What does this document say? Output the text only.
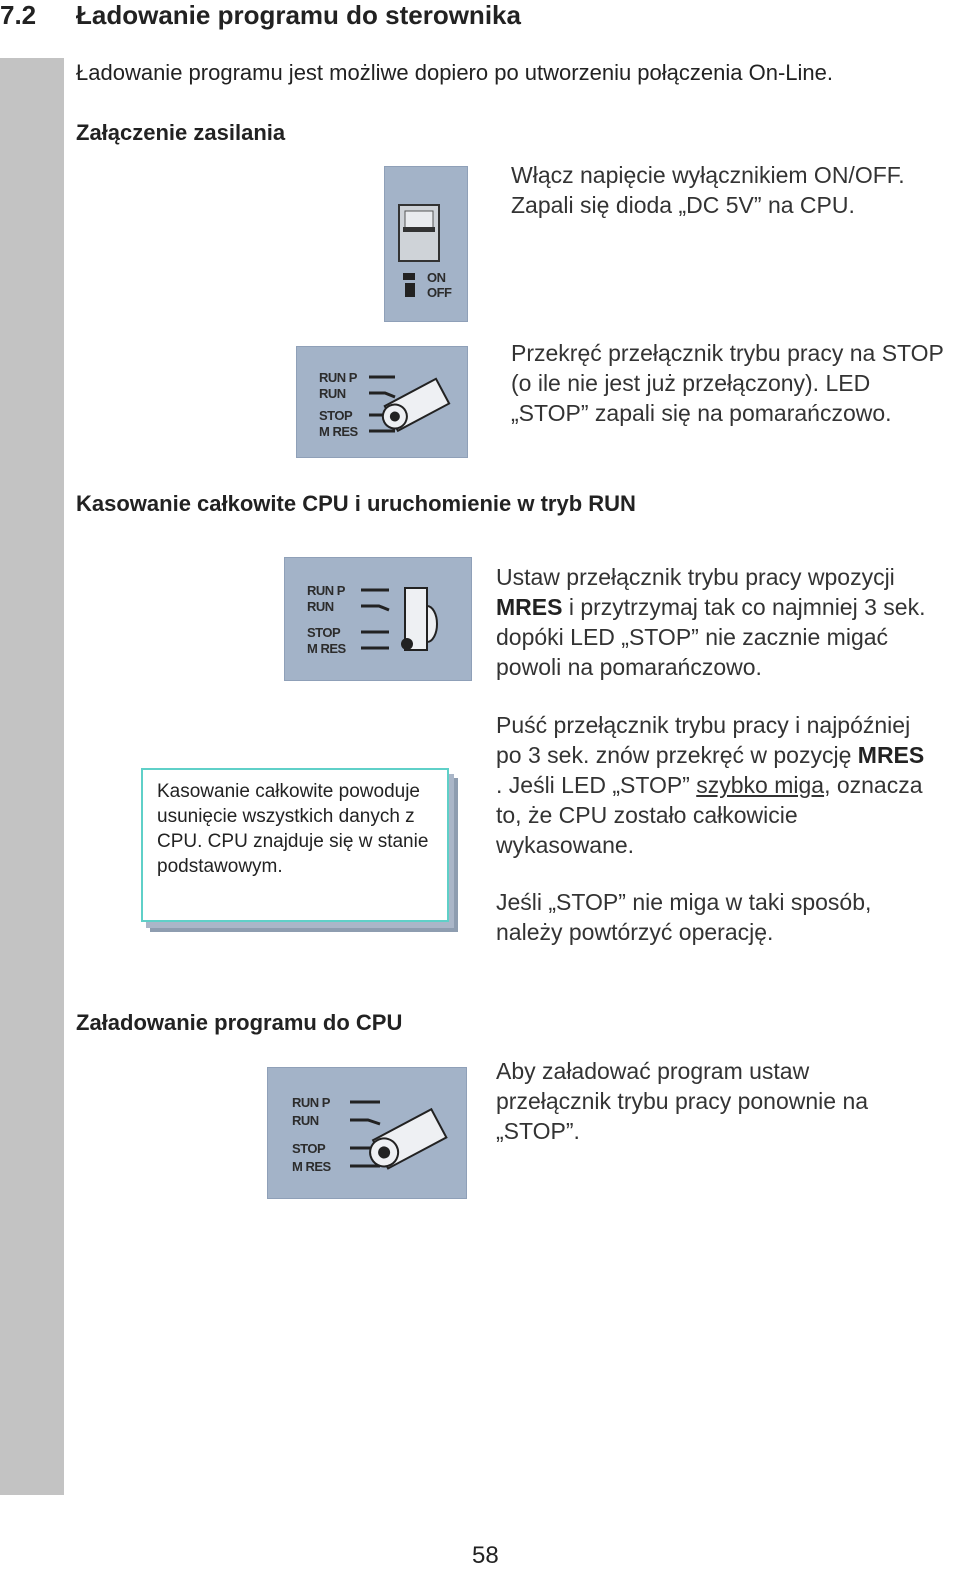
7.2 Ładowanie programu do sterownika
Ładowanie programu jest możliwe dopiero po utworzeniu połączenia On-Line.
Załączenie zasilania
ON
OFF
Włącz napięcie wyłącznikiem ON/OFF. Zapali się dioda „DC 5V” na CPU.
RUN P
RUN
STOP
M RES
Przekręć przełącznik trybu pracy na STOP (o ile nie jest już przełączony). LED „STOP” zapali się na pomarańczowo.
Kasowanie całkowite CPU i uruchomienie w tryb RUN
RUN P
RUN
STOP
M RES
Ustaw przełącznik trybu pracy wpozycji MRES i przytrzymaj tak co najmniej 3 sek. dopóki LED „STOP” nie zacznie migać powoli na pomarańczowo.
Puść przełącznik trybu pracy i najpóźniej po 3 sek. znów przekręć w pozycję MRES . Jeśli LED „STOP” szybko miga, oznacza to, że CPU zostało całkowicie wykasowane.
Jeśli „STOP” nie miga w taki sposób, należy powtórzyć operację.
Kasowanie całkowite powoduje usunięcie wszystkich danych z CPU. CPU znajduje się w stanie podstawowym.
Załadowanie programu do CPU
RUN P
RUN
STOP
M RES
Aby załadować program ustaw przełącznik trybu pracy ponownie na „STOP”.
58
